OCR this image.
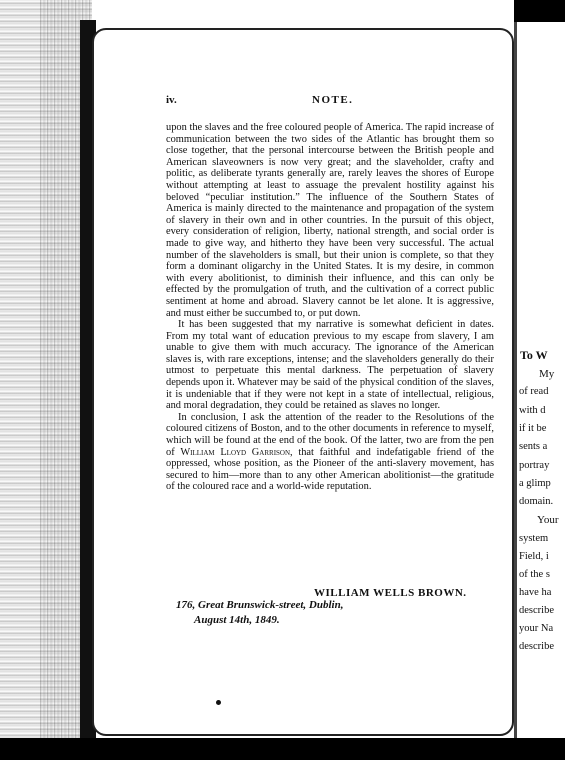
iv.	NOTE.

upon the slaves and the free coloured people of America. The rapid increase of communication between the two sides of the Atlantic has brought them so close together, that the personal intercourse between the British people and American slaveowners is now very great; and the slaveholder, crafty and politic, as deliberate tyrants generally are, rarely leaves the shores of Europe without attempting at least to assuage the prevalent hostility against his beloved “peculiar institution.” The influence of the Southern States of America is mainly directed to the maintenance and propagation of the system of slavery in their own and in other countries. In the pursuit of this object, every consideration of religion, liberty, national strength, and social order is made to give way, and hitherto they have been very successful. The actual number of the slaveholders is small, but their union is complete, so that they form a dominant oligarchy in the United States. It is my desire, in common with every abolitionist, to diminish their influence, and this can only be effected by the promulgation of truth, and the cultivation of a correct public sentiment at home and abroad. Slavery cannot be let alone. It is aggressive, and must either be succumbed to, or put down.

It has been suggested that my narrative is somewhat deficient in dates. From my total want of education previous to my escape from slavery, I am unable to give them with much accuracy. The ignorance of the American slaves is, with rare exceptions, intense; and the slaveholders generally do their utmost to perpetuate this mental darkness. The perpetuation of slavery depends upon it. Whatever may be said of the physical condition of the slaves, it is undeniable that if they were not kept in a state of intellectual, religious, and moral degradation, they could be retained as slaves no longer.

In conclusion, I ask the attention of the reader to the Resolutions of the coloured citizens of Boston, and to the other documents in reference to myself, which will be found at the end of the book. Of the latter, two are from the pen of William Lloyd Garrison, that faithful and indefatigable friend of the oppressed, whose position, as the Pioneer of the anti-slavery movement, has secured to him—more than to any other American abolitionist—the gratitude of the coloured race and a world-wide reputation.

WILLIAM WELLS BROWN.
176, Great Brunswick-street, Dublin,
August 14th, 1849.
To W
My
of read
with d
if it be
sents a
portray
a glimp
domain.
Your
system
Field, i
of the s
have ha
describe
your Na
describe
